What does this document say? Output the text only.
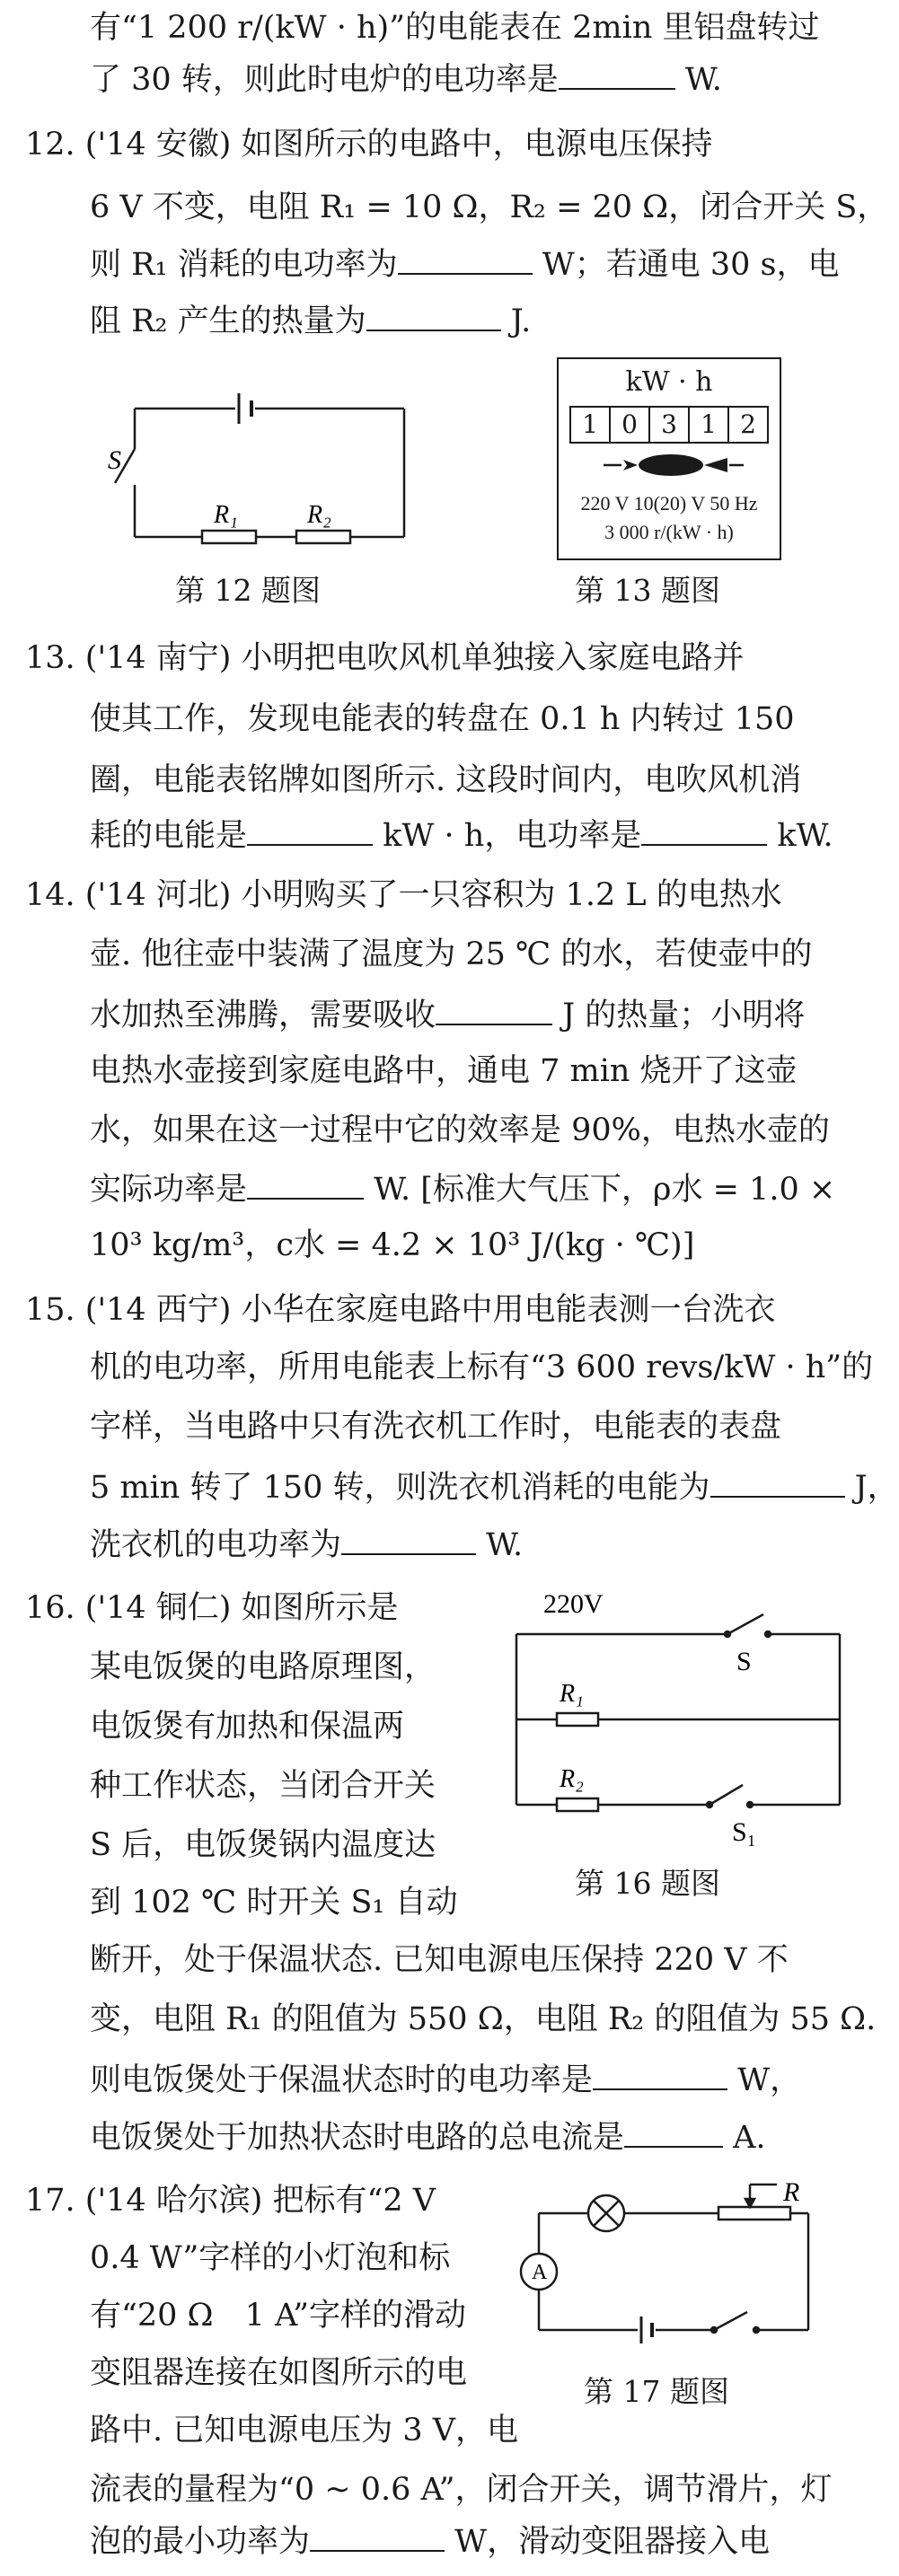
有“1 200 r/(kW · h)”的电能表在 2min 里铝盘转过
了 30 转，则此时电炉的电功率是	W.
12. ('14 安徽) 如图所示的电路中，电源电压保持
6 V 不变，电阻 R₁ = 10 Ω，R₂ = 20 Ω，闭合开关 S，
则 R₁ 消耗的电功率为	W；若通电 30 s，电
阻 R₂ 产生的热量为	J.
S
R₁	R₂
第 12 题图
kW · h
1 0 3 1 2
220 V 10(20) V 50 Hz
3 000 r/(kW · h)
第 13 题图
13. ('14 南宁) 小明把电吹风机单独接入家庭电路并
使其工作，发现电能表的转盘在 0.1 h 内转过 150
圈，电能表铭牌如图所示. 这段时间内，电吹风机消
耗的电能是	kW · h，电功率是	kW.
14. ('14 河北) 小明购买了一只容积为 1.2 L 的电热水
壶. 他往壶中装满了温度为 25 ℃ 的水，若使壶中的
水加热至沸腾，需要吸收	J 的热量；小明将
电热水壶接到家庭电路中，通电 7 min 烧开了这壶
水，如果在这一过程中它的效率是 90%，电热水壶的
实际功率是	W. [标准大气压下，ρ水 = 1.0 ×
10³ kg/m³，c水 = 4.2 × 10³ J/(kg · ℃)]
15. ('14 西宁) 小华在家庭电路中用电能表测一台洗衣
机的电功率，所用电能表上标有“3 600 revs/kW · h”的
字样，当电路中只有洗衣机工作时，电能表的表盘
5 min 转了 150 转，则洗衣机消耗的电能为	J，
洗衣机的电功率为	W.
16. ('14 铜仁) 如图所示是
某电饭煲的电路原理图，
电饭煲有加热和保温两
种工作状态，当闭合开关
S 后，电饭煲锅内温度达
到 102 ℃ 时开关 S₁ 自动
220V
S
R₁
R₂
S₁
第 16 题图
断开，处于保温状态. 已知电源电压保持 220 V 不
变，电阻 R₁ 的阻值为 550 Ω，电阻 R₂ 的阻值为 55 Ω.
则电饭煲处于保温状态时的电功率是	W，
电饭煲处于加热状态时电路的总电流是	A.
17. ('14 哈尔滨) 把标有“2 V
0.4 W”字样的小灯泡和标
有“20 Ω　1 A”字样的滑动
变阻器连接在如图所示的电
路中. 已知电源电压为 3 V，电
R
A
第 17 题图
流表的量程为“0 ~ 0.6 A”，闭合开关，调节滑片，灯
泡的最小功率为	W，滑动变阻器接入电
